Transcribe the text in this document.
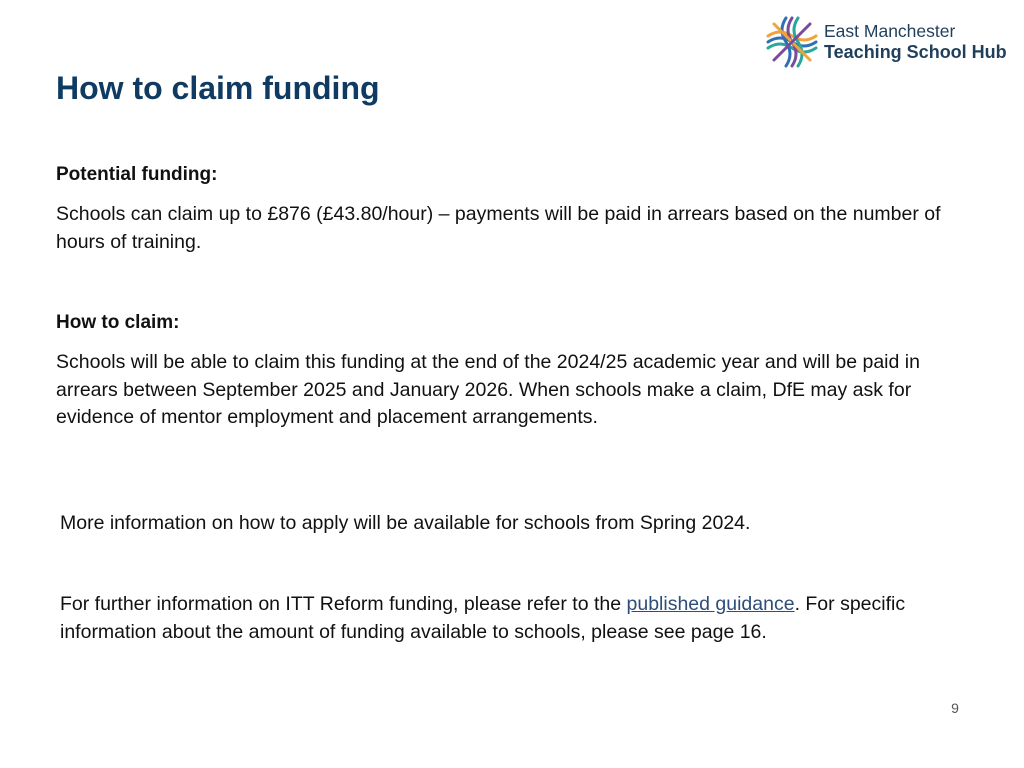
How to claim funding
East Manchester
Teaching School Hub
Potential funding:

Schools can claim up to £876 (£43.80/hour) – payments will be paid in arrears based on the number of hours of training.

How to claim:

Schools will be able to claim this funding at the end of the 2024/25 academic year and will be paid in arrears between September 2025 and January 2026. When schools make a claim, DfE may ask for evidence of mentor employment and placement arrangements.

More information on how to apply will be available for schools from Spring 2024.

For further information on ITT Reform funding, please refer to the published guidance. For specific information about the amount of funding available to schools, please see page 16.

9
